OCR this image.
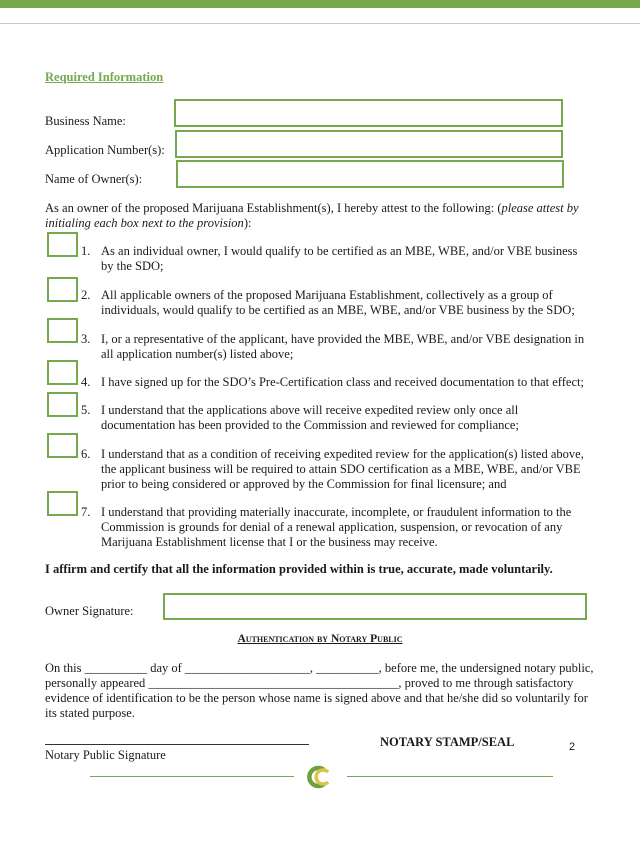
Required Information
Business Name:
Application Number(s):
Name of Owner(s):
As an owner of the proposed Marijuana Establishment(s), I hereby attest to the following: (please attest by initialing each box next to the provision):
1. As an individual owner, I would qualify to be certified as an MBE, WBE, and/or VBE business by the SDO;
2. All applicable owners of the proposed Marijuana Establishment, collectively as a group of individuals, would qualify to be certified as an MBE, WBE, and/or VBE business by the SDO;
3. I, or a representative of the applicant, have provided the MBE, WBE, and/or VBE designation in all application number(s) listed above;
4. I have signed up for the SDO’s Pre-Certification class and received documentation to that effect;
5. I understand that the applications above will receive expedited review only once all documentation has been provided to the Commission and reviewed for compliance;
6. I understand that as a condition of receiving expedited review for the application(s) listed above, the applicant business will be required to attain SDO certification as a MBE, WBE, and/or VBE prior to being considered or approved by the Commission for final licensure; and
7. I understand that providing materially inaccurate, incomplete, or fraudulent information to the Commission is grounds for denial of a renewal application, suspension, or revocation of any Marijuana Establishment license that I or the business may receive.
I affirm and certify that all the information provided within is true, accurate, made voluntarily.
Owner Signature:
Authentication by Notary Public
On this __________ day of ____________________, __________, before me, the undersigned notary public, personally appeared ________________________________________, proved to me through satisfactory evidence of identification to be the person whose name is signed above and that he/she did so voluntarily for its stated purpose.
Notary Public Signature
NOTARY STAMP/SEAL	2
